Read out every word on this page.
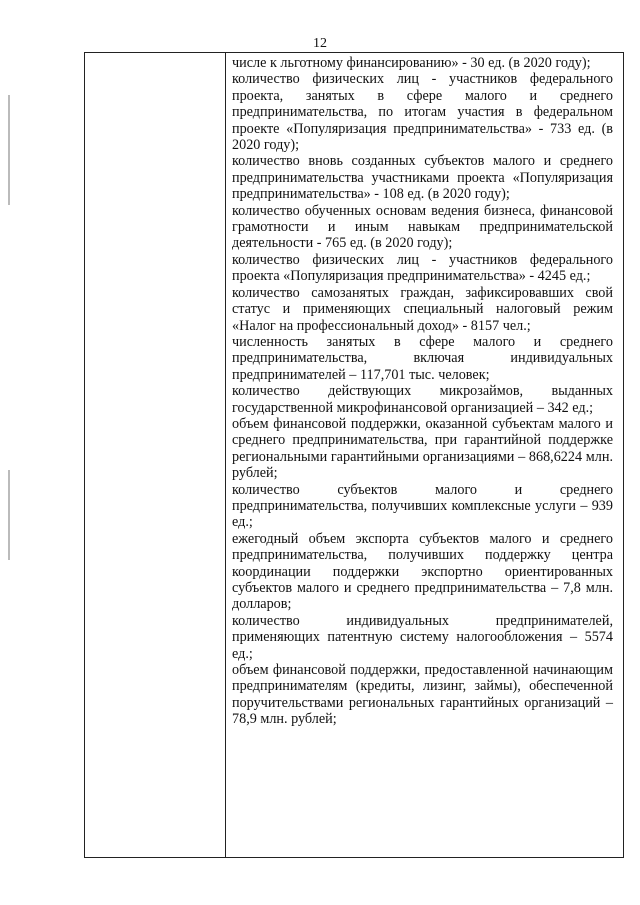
12

числе к льготному финансированию» - 30 ед. (в 2020 году);

количество физических лиц - участников федерального проекта, занятых в сфере малого и среднего предпринимательства, по итогам участия в федеральном проекте «Популяризация предпринимательства» - 733 ед. (в 2020 году);

количество вновь созданных субъектов малого и среднего предпринимательства участниками проекта «Популяризация предпринимательства» - 108 ед. (в 2020 году);

количество обученных основам ведения бизнеса, финансовой грамотности и иным навыкам предпринимательской деятельности - 765 ед. (в 2020 году);

количество физических лиц - участников федерального проекта «Популяризация предпринимательства» - 4245 ед.;

количество самозанятых граждан, зафиксировавших свой статус и применяющих специальный налоговый режим «Налог на профессиональный доход» - 8157 чел.;

численность занятых в сфере малого и среднего предпринимательства, включая индивидуальных предпринимателей – 117,701 тыс. человек;

количество действующих микрозаймов, выданных государственной микрофинансовой организацией – 342 ед.;

объем финансовой поддержки, оказанной субъектам малого и среднего предпринимательства, при гарантийной поддержке региональными гарантийными организациями – 868,6224 млн. рублей;

количество субъектов малого и среднего предпринимательства, получивших комплексные услуги – 939 ед.;

ежегодный объем экспорта субъектов малого и среднего предпринимательства, получивших поддержку центра координации поддержки экспортно ориентированных субъектов малого и среднего предпринимательства – 7,8 млн. долларов;

количество индивидуальных предпринимателей, применяющих патентную систему налогообложения – 5574 ед.;

объем финансовой поддержки, предоставленной начинающим предпринимателям (кредиты, лизинг, займы), обеспеченной поручительствами региональных гарантийных организаций – 78,9 млн. рублей;
